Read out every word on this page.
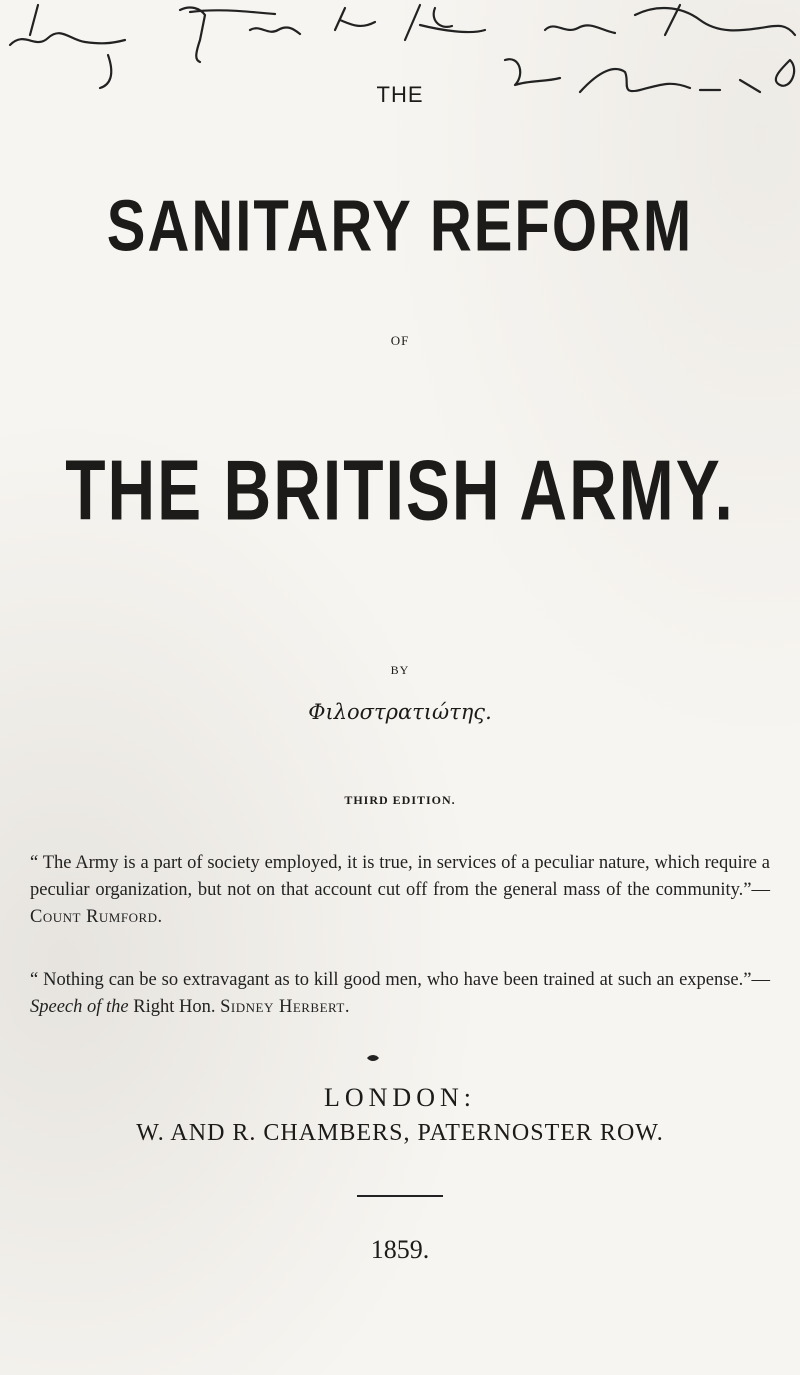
THE
SANITARY REFORM
OF
THE BRITISH ARMY.
BY
Φιλοστρατιώτης.
THIRD EDITION.
“ The Army is a part of society employed, it is true, in services of a peculiar nature, which require a peculiar organization, but not on that account cut off from the general mass of the community.”—Count Rumford.
“ Nothing can be so extravagant as to kill good men, who have been trained at such an expense.”—Speech of the Right Hon. Sidney Herbert.
LONDON:
W. AND R. CHAMBERS, PATERNOSTER ROW.
1859.
